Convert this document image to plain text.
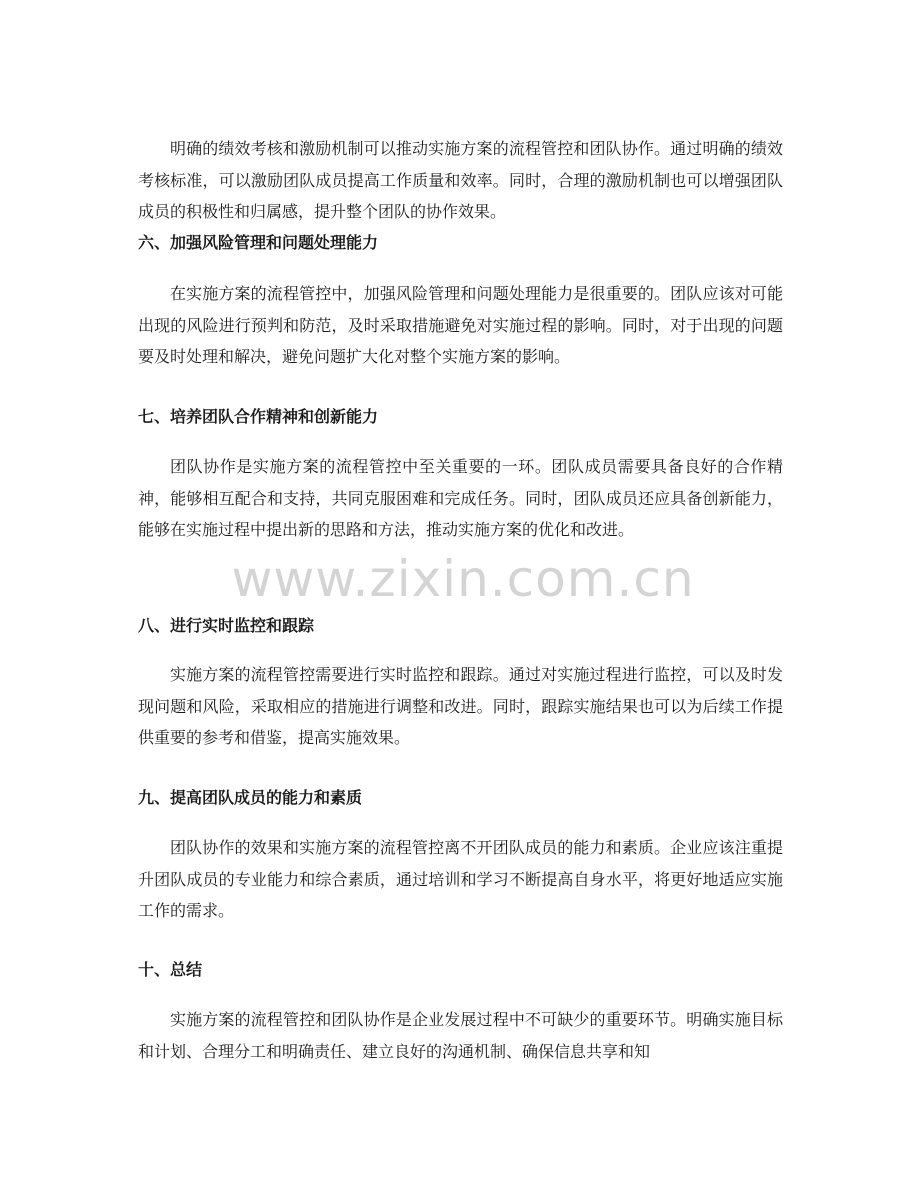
明确的绩效考核和激励机制可以推动实施方案的流程管控和团队协作。通过明确的绩效考核标准，可以激励团队成员提高工作质量和效率。同时，合理的激励机制也可以增强团队成员的积极性和归属感，提升整个团队的协作效果。

六、加强风险管理和问题处理能力

在实施方案的流程管控中，加强风险管理和问题处理能力是很重要的。团队应该对可能出现的风险进行预判和防范，及时采取措施避免对实施过程的影响。同时，对于出现的问题要及时处理和解决，避免问题扩大化对整个实施方案的影响。

七、培养团队合作精神和创新能力

团队协作是实施方案的流程管控中至关重要的一环。团队成员需要具备良好的合作精神，能够相互配合和支持，共同克服困难和完成任务。同时，团队成员还应具备创新能力，能够在实施过程中提出新的思路和方法，推动实施方案的优化和改进。

八、进行实时监控和跟踪

实施方案的流程管控需要进行实时监控和跟踪。通过对实施过程进行监控，可以及时发现问题和风险，采取相应的措施进行调整和改进。同时，跟踪实施结果也可以为后续工作提供重要的参考和借鉴，提高实施效果。

九、提高团队成员的能力和素质

团队协作的效果和实施方案的流程管控离不开团队成员的能力和素质。企业应该注重提升团队成员的专业能力和综合素质，通过培训和学习不断提高自身水平，将更好地适应实施工作的需求。

十、总结

实施方案的流程管控和团队协作是企业发展过程中不可缺少的重要环节。明确实施目标和计划、合理分工和明确责任、建立良好的沟通机制、确保信息共享和知

www.zixin.com.cn
